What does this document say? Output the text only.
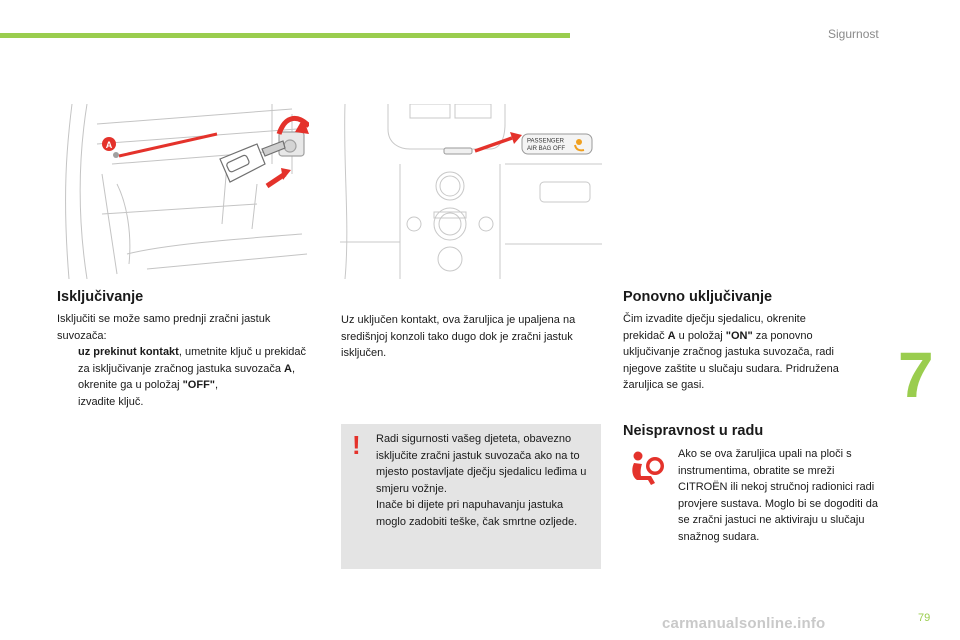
Sigurnost
7
A	PASSENGER
AIR BAG OFF
Isključivanje

Isključiti se može samo prednji zračni jastuk suvozača:

uz prekinut kontakt, umetnite ključ u prekidač za isključivanje zračnog jastuka suvozača A,

okrenite ga u položaj "OFF",

izvadite ključ.

Uz uključen kontakt, ova žaruljica je upaljena na središnjoj konzoli tako dugo dok je zračni jastuk isključen.
! Radi sigurnosti vašeg djeteta, obavezno isključite zračni jastuk suvozača ako na to mjesto postavljate dječju sjedalicu leđima u smjeru vožnje.

Inače bi dijete pri napuhavanju jastuka moglo zadobiti teške, čak smrtne ozljede.

Ponovno uključivanje
Čim izvadite dječju sjedalicu, okrenite prekidač A u položaj "ON" za ponovno uključivanje zračnog jastuka suvozača, radi njegove zaštite u slučaju sudara. Pridružena žaruljica se gasi.
Neispravnost u radu
Ako se ova žaruljica upali na ploči s instrumentima, obratite se mreži CITROËN ili nekoj stručnoj radionici radi provjere sustava. Moglo bi se dogoditi da se zračni jastuci ne aktiviraju u slučaju snažnog sudara.
79
carmanualsonline.info
